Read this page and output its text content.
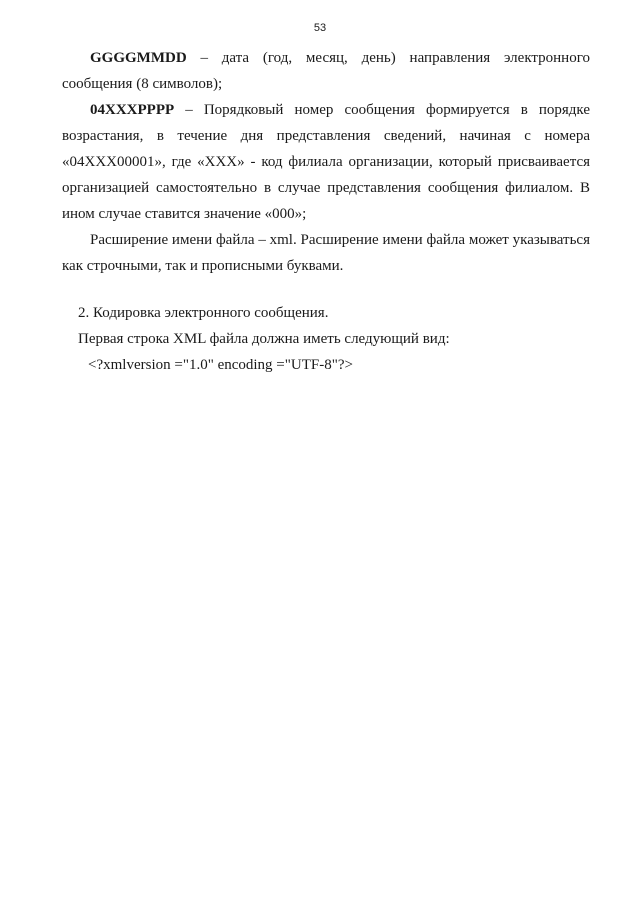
53

GGGGMMDD – дата (год, месяц, день) направления электронного сообщения (8 символов);

04XXXPPPP – Порядковый номер сообщения формируется в порядке возрастания, в течение дня представления сведений, начиная с номера «04ХХХ00001», где «ХХХ» - код филиала организации, который присваивается организацией самостоятельно в случае представления сообщения филиалом. В ином случае ставится значение «000»;

Расширение имени файла – xml. Расширение имени файла может указываться как строчными, так и прописными буквами.

2. Кодировка электронного сообщения.

Первая строка XML файла должна иметь следующий вид:

<?xmlversion ="1.0" encoding ="UTF-8"?>
